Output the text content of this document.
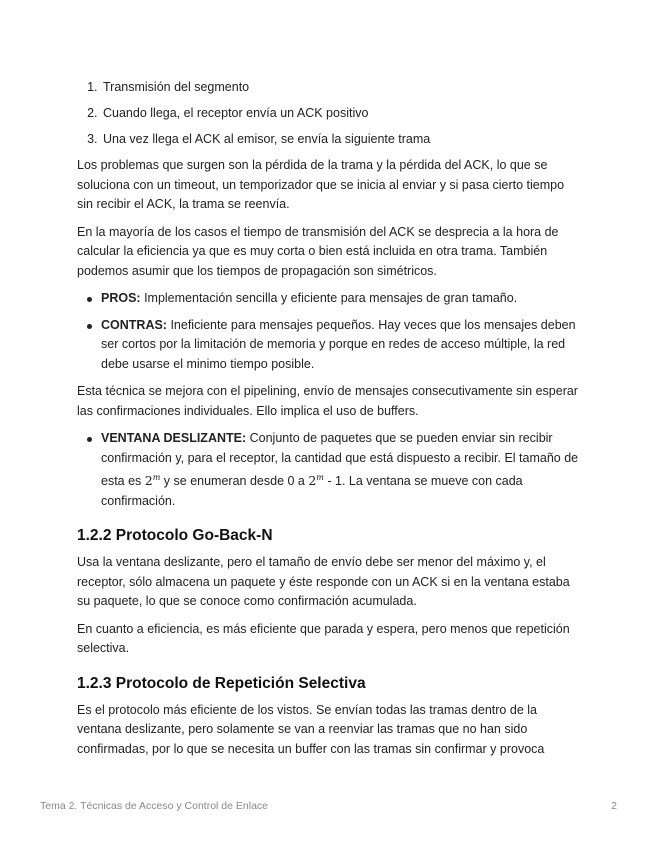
1. Transmisión del segmento
2. Cuando llega, el receptor envía un ACK positivo
3. Una vez llega el ACK al emisor, se envía la siguiente trama

Los problemas que surgen son la pérdida de la trama y la pérdida del ACK, lo que se soluciona con un timeout, un temporizador que se inicia al enviar y si pasa cierto tiempo sin recibir el ACK, la trama se reenvía.

En la mayoría de los casos el tiempo de transmisión del ACK se desprecia a la hora de calcular la eficiencia ya que es muy corta o bien está incluida en otra trama. También podemos asumir que los tiempos de propagación son simétricos.

PROS: Implementación sencilla y eficiente para mensajes de gran tamaño.
CONTRAS: Ineficiente para mensajes pequeños. Hay veces que los mensajes deben ser cortos por la limitación de memoria y porque en redes de acceso múltiple, la red debe usarse el minimo tiempo posible.

Esta técnica se mejora con el pipelining, envío de mensajes consecutivamente sin esperar las confirmaciones individuales. Ello implica el uso de buffers.

VENTANA DESLIZANTE: Conjunto de paquetes que se pueden enviar sin recibir confirmación y, para el receptor, la cantidad que está dispuesto a recibir. El tamaño de esta es 2$^m$ y se enumeran desde 0 a 2$^m$ - 1. La ventana se mueve con cada confirmación.
1.2.2 Protocolo Go-Back-N

Usa la ventana deslizante, pero el tamaño de envío debe ser menor del máximo y, el receptor, sólo almacena un paquete y éste responde con un ACK si en la ventana estaba su paquete, lo que se conoce como confirmación acumulada.

En cuanto a eficiencia, es más eficiente que parada y espera, pero menos que repetición selectiva.

1.2.3 Protocolo de Repetición Selectiva

Es el protocolo más eficiente de los vistos. Se envían todas las tramas dentro de la ventana deslizante, pero solamente se van a reenviar las tramas que no han sido confirmadas, por lo que se necesita un buffer con las tramas sin confirmar y provoca

Tema 2. Técnicas de Acceso y Control de Enlace	2
